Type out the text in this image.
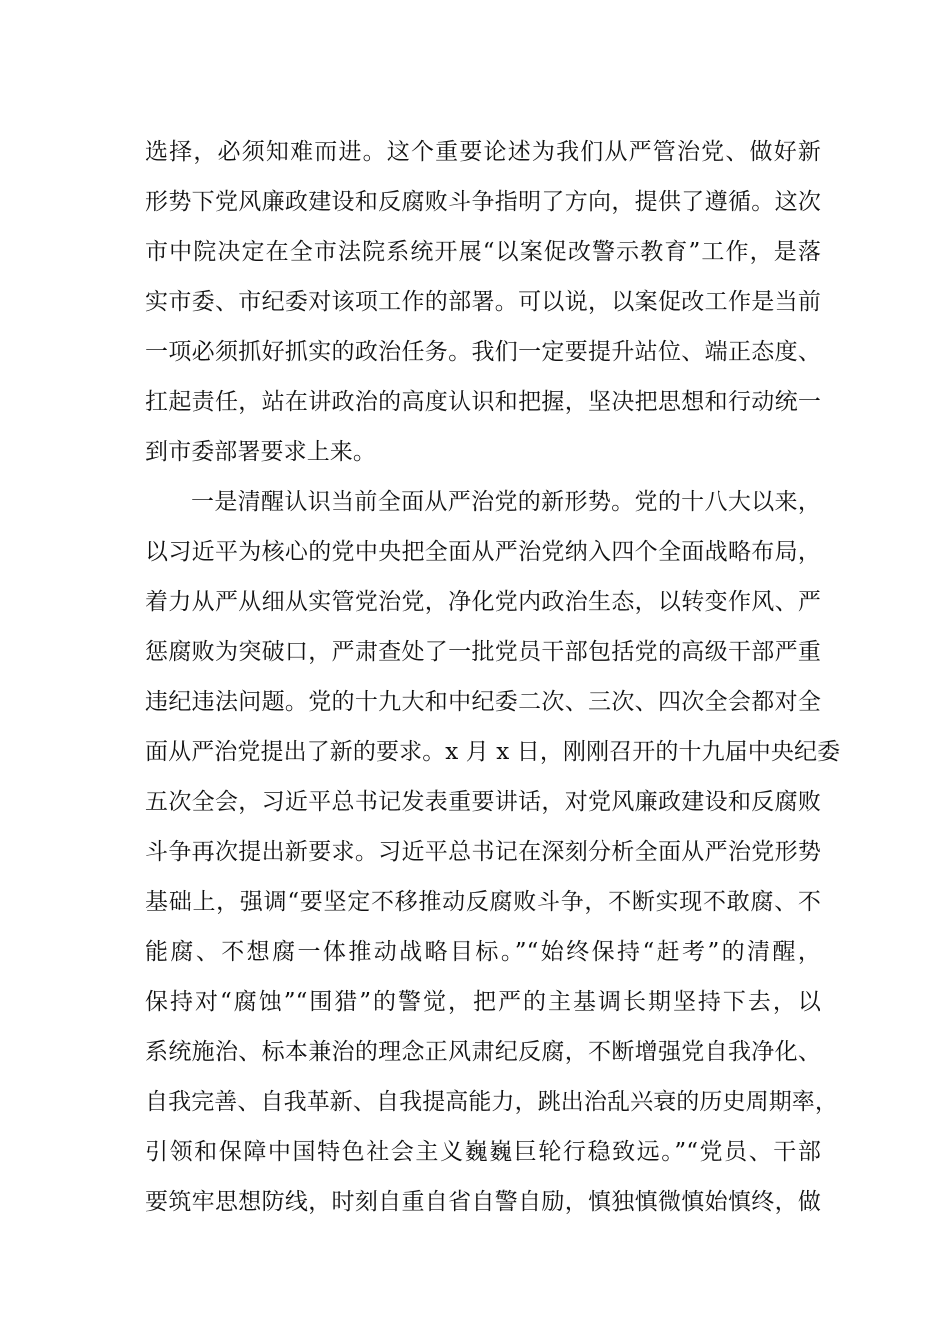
选择，必须知难而进。这个重要论述为我们从严管治党、做好新
形势下党风廉政建设和反腐败斗争指明了方向，提供了遵循。这次
市中院决定在全市法院系统开展“以案促改警示教育”工作，是落
实市委、市纪委对该项工作的部署。可以说，以案促改工作是当前
一项必须抓好抓实的政治任务。我们一定要提升站位、端正态度、
扛起责任，站在讲政治的高度认识和把握，坚决把思想和行动统一
到市委部署要求上来。
一是清醒认识当前全面从严治党的新形势。党的十八大以来，
以习近平为核心的党中央把全面从严治党纳入四个全面战略布局，
着力从严从细从实管党治党，净化党内政治生态，以转变作风、严
惩腐败为突破口，严肃查处了一批党员干部包括党的高级干部严重
违纪违法问题。党的十九大和中纪委二次、三次、四次全会都对全
面从严治党提出了新的要求。x 月 x 日，刚刚召开的十九届中央纪委
五次全会，习近平总书记发表重要讲话，对党风廉政建设和反腐败
斗争再次提出新要求。习近平总书记在深刻分析全面从严治党形势
基础上，强调“要坚定不移推动反腐败斗争，不断实现不敢腐、不
能腐、不想腐一体推动战略目标。”“始终保持“赶考”的清醒，
保持对“腐蚀”“围猎”的警觉，把严的主基调长期坚持下去，以
系统施治、标本兼治的理念正风肃纪反腐，不断增强党自我净化、
自我完善、自我革新、自我提高能力，跳出治乱兴衰的历史周期率，
引领和保障中国特色社会主义巍巍巨轮行稳致远。”“党员、干部
要筑牢思想防线，时刻自重自省自警自励，慎独慎微慎始慎终，做
